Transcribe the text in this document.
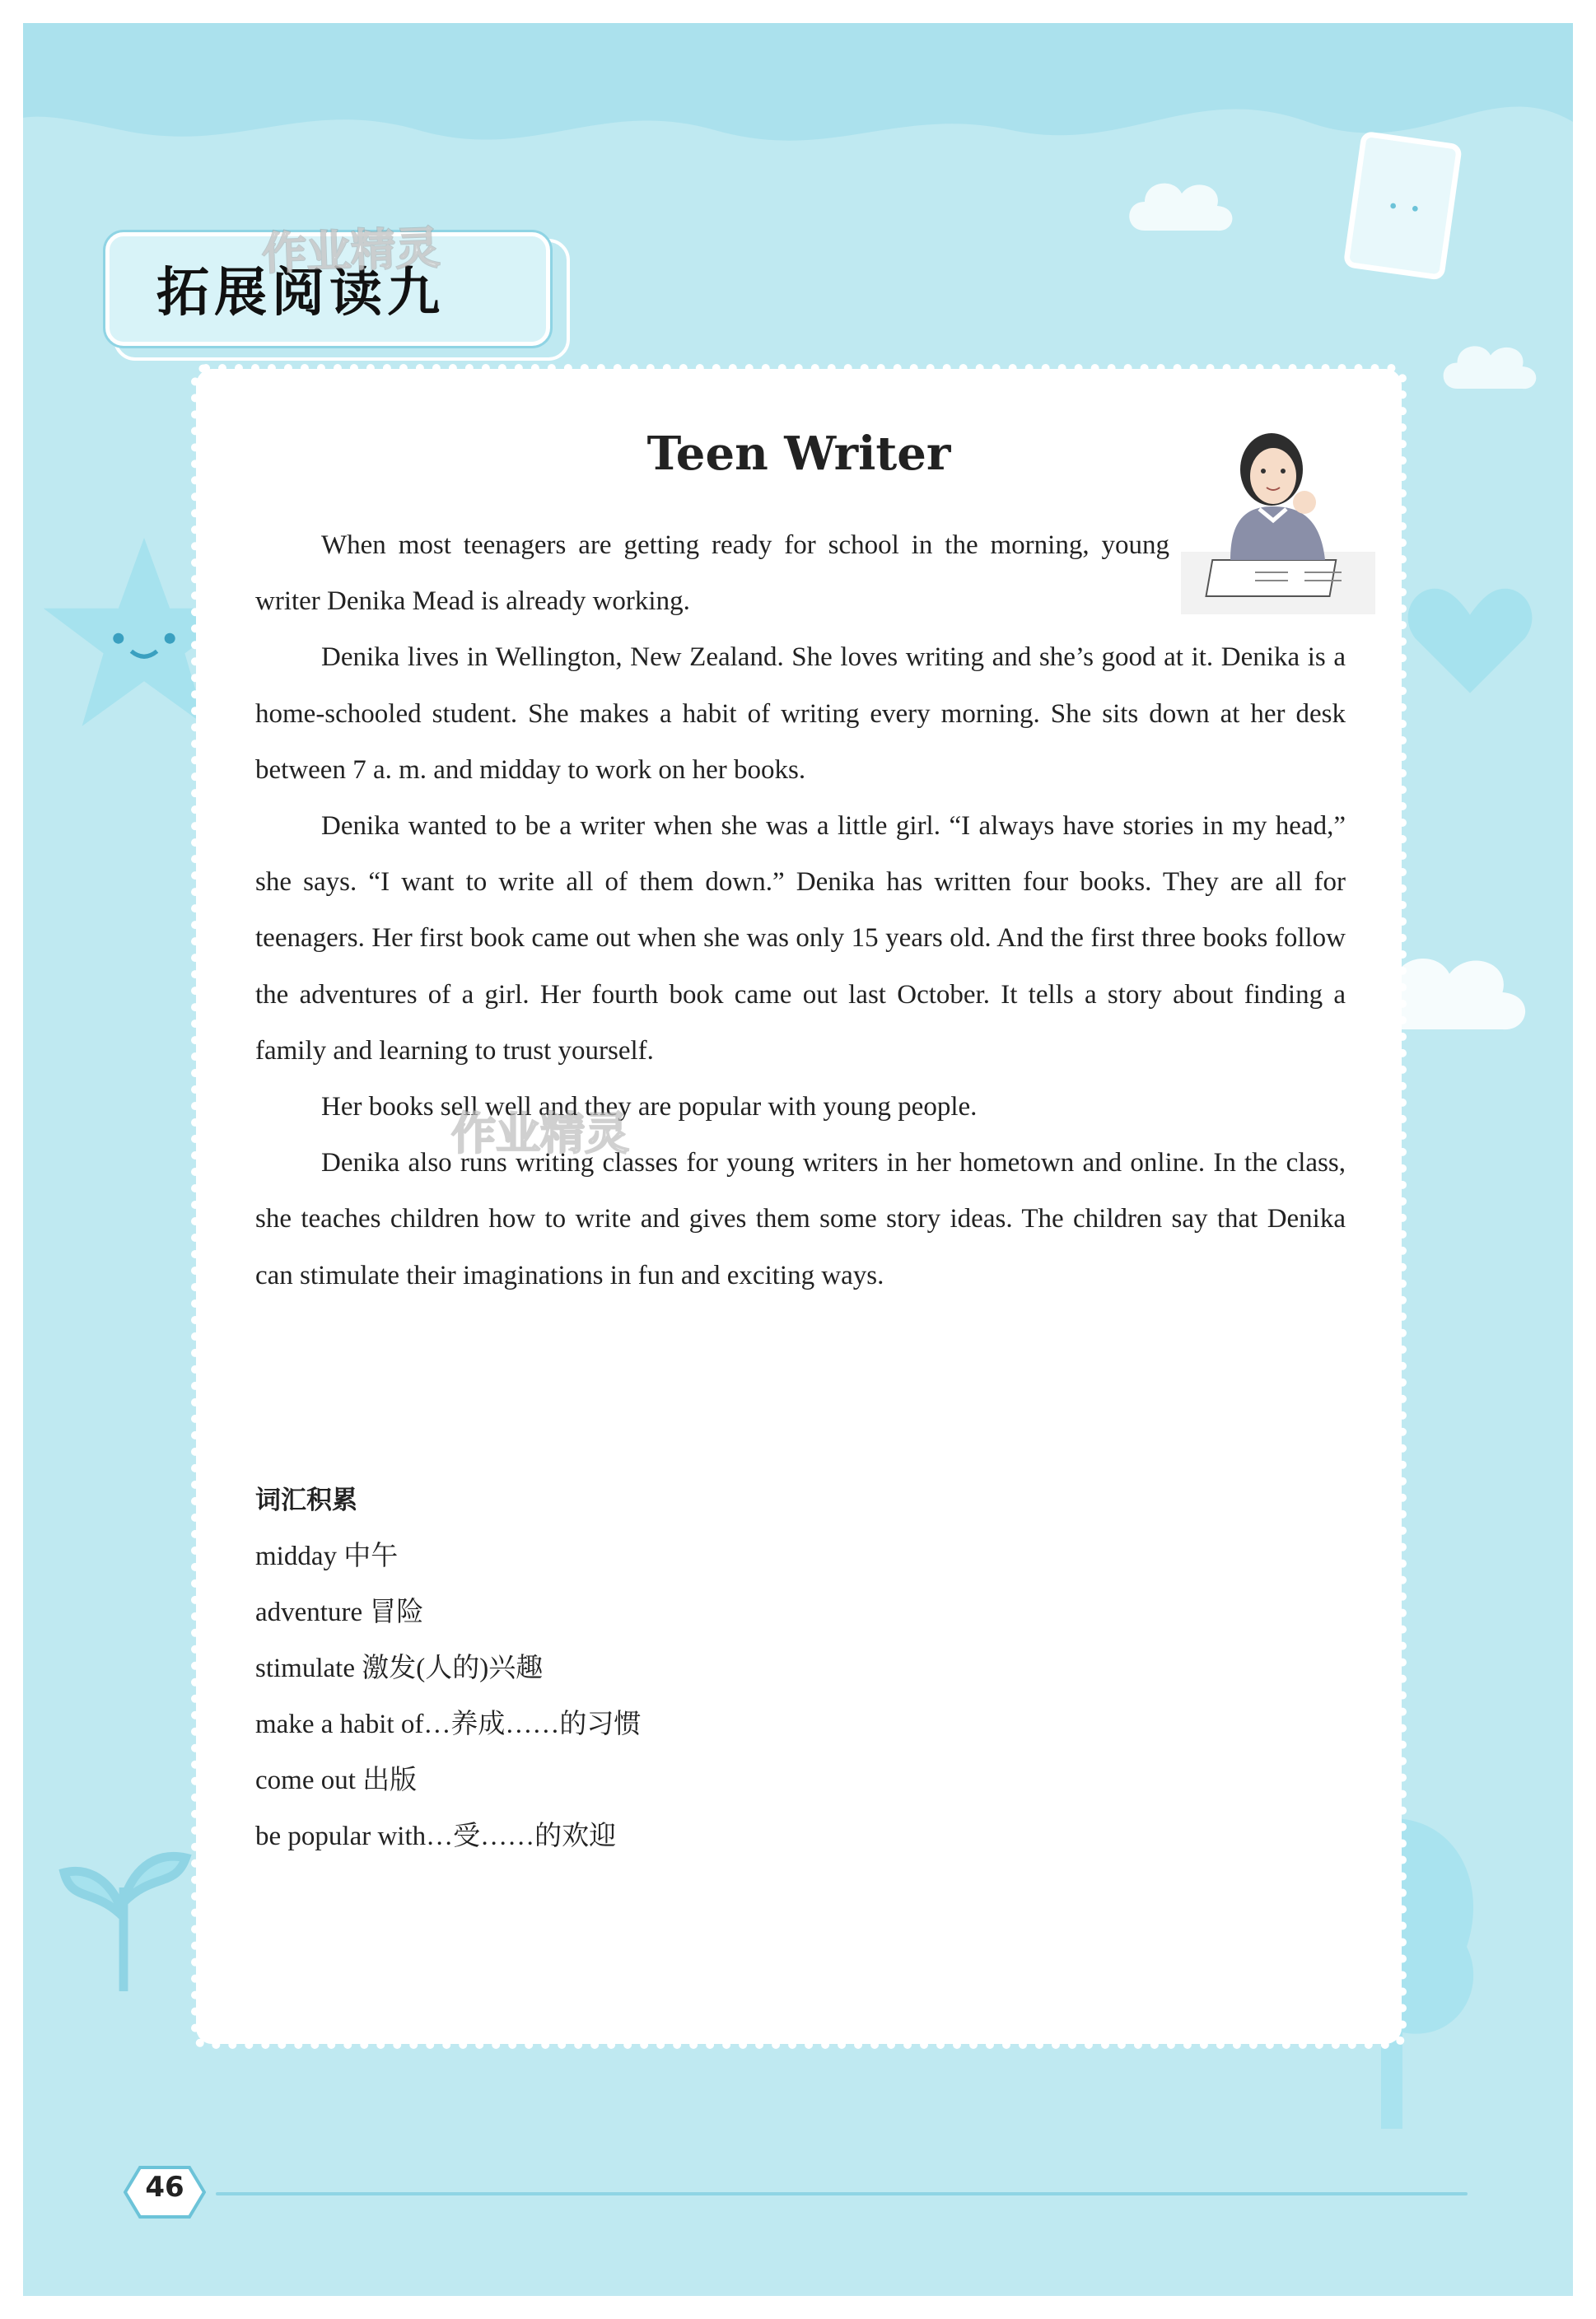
拓展阅读九
作业精灵
Teen Writer

When most teenagers are getting ready for school in the morning, young writer Denika Mead is already working.

Denika lives in Wellington, New Zealand. She loves writing and she’s good at it. Denika is a home-schooled student. She makes a habit of writing every morning. She sits down at her desk between 7 a. m. and midday to work on her books.

Denika wanted to be a writer when she was a little girl. “I always have stories in my head,” she says. “I want to write all of them down.” Denika has written four books. They are all for teenagers. Her first book came out when she was only 15 years old. And the first three books follow the adventures of a girl. Her fourth book came out last October. It tells a story about finding a family and learning to trust yourself.

Her books sell well and they are popular with young people.

Denika also runs writing classes for young writers in her hometown and online. In the class, she teaches children how to write and gives them some story ideas. The children say that Denika can stimulate their imaginations in fun and exciting ways.

作业精灵
词汇积累
midday 中午
adventure 冒险
stimulate 激发(人的)兴趣
make a habit of…养成……的习惯
come out 出版
be popular with…受……的欢迎
46
